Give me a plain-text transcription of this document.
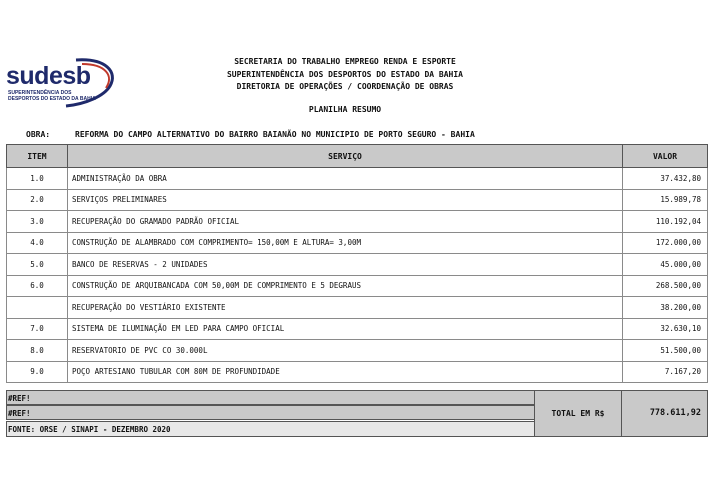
sudesb
SUPERINTENDÊNCIA DOS DESPORTOS DO ESTADO DA BAHIA
SECRETARIA DO TRABALHO EMPREGO RENDA E ESPORTE
SUPERINTENDÊNCIA DOS DESPORTOS DO ESTADO DA BAHIA
DIRETORIA DE OPERAÇÕES / COORDENAÇÃO DE OBRAS
PLANILHA RESUMO
OBRA:	REFORMA DO CAMPO ALTERNATIVO DO BAIRRO BAIANÃO NO MUNICIPIO DE PORTO SEGURO - BAHIA
ITEM	SERVIÇO	VALOR
1.0	ADMINISTRAÇÃO DA OBRA	37.432,80
2.0	SERVIÇOS PRELIMINARES	15.989,78
3.0	RECUPERAÇÃO DO GRAMADO PADRÃO OFICIAL	110.192,04
4.0	CONSTRUÇÃO DE ALAMBRADO COM COMPRIMENTO= 150,00M E ALTURA= 3,00M	172.000,00
5.0	BANCO DE RESERVAS - 2 UNIDADES	45.000,00
6.0	CONSTRUÇÃO DE ARQUIBANCADA COM 50,00M DE COMPRIMENTO E 5 DEGRAUS	268.500,00
	RECUPERAÇÃO DO VESTIÁRIO EXISTENTE	38.200,00
7.0	SISTEMA DE ILUMINAÇÃO EM LED PARA CAMPO OFICIAL	32.630,10
8.0	RESERVATORIO DE PVC CO 30.000L	51.500,00
9.0	POÇO ARTESIANO TUBULAR COM 80M DE PROFUNDIDADE	7.167,20
#REF!
#REF!
FONTE: ORSE / SINAPI - DEZEMBRO 2020
TOTAL EM R$	778.611,92
